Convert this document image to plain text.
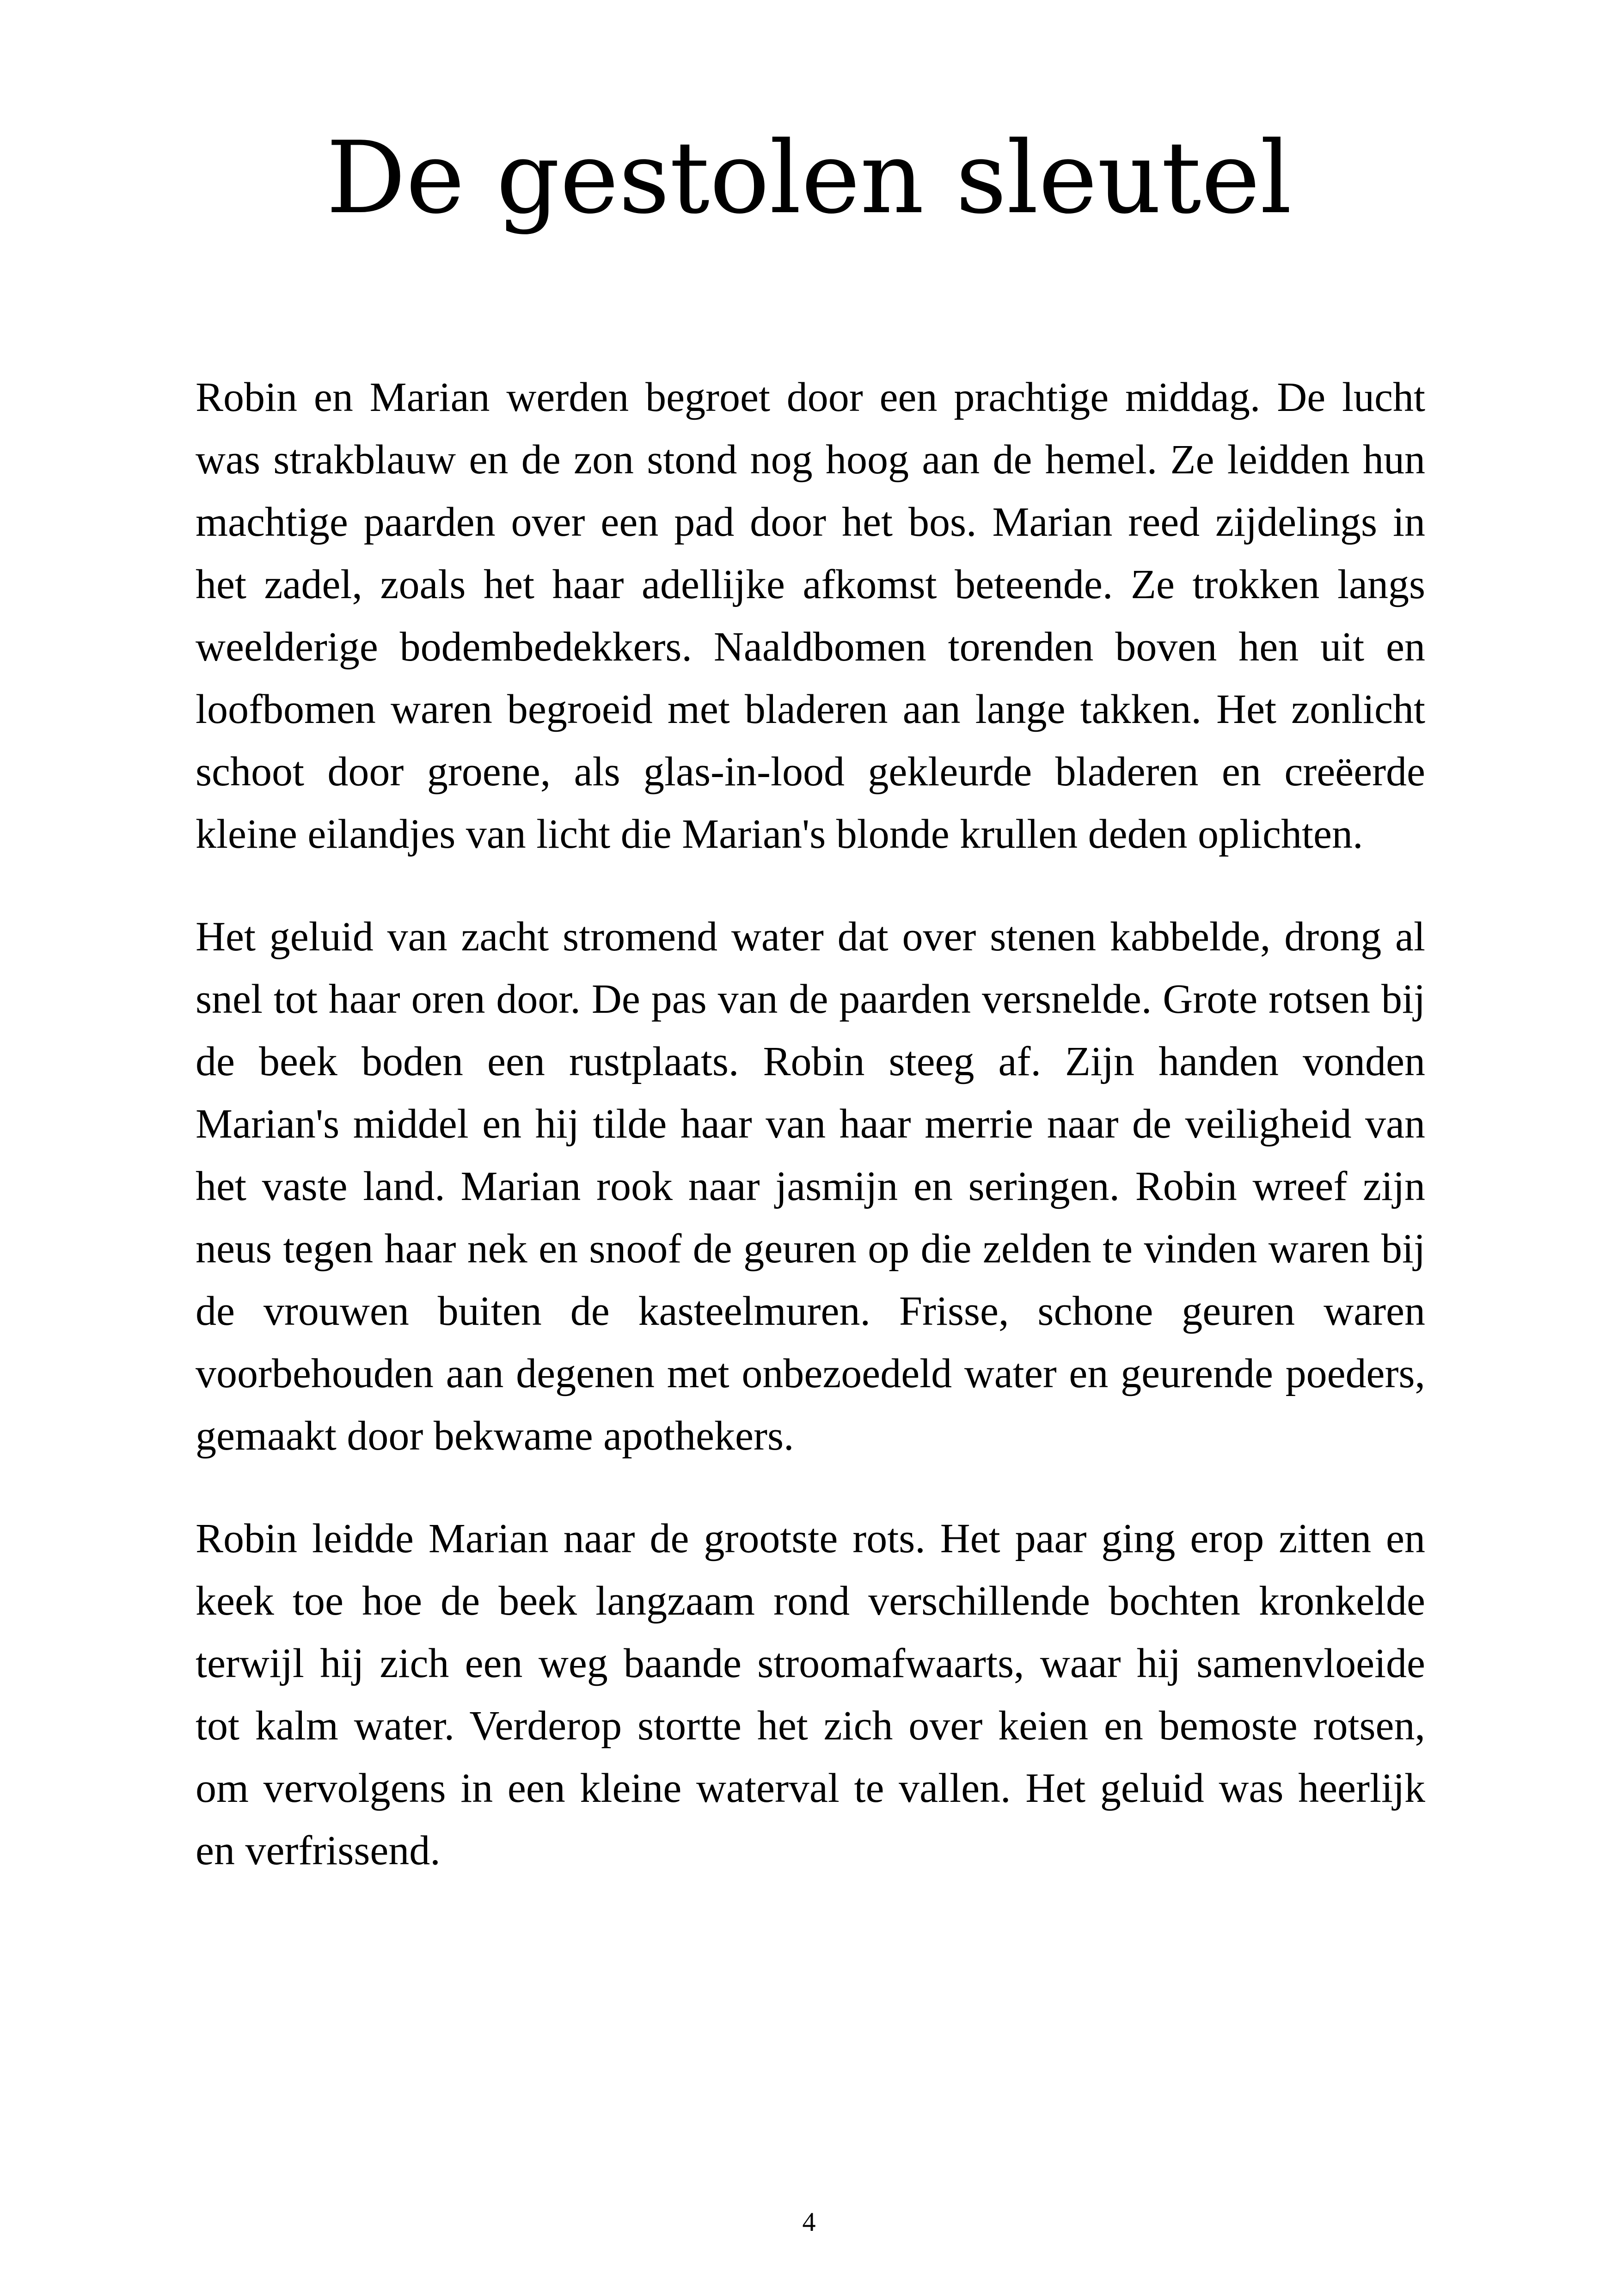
De gestolen sleutel

Robin en Marian werden begroet door een prachtige middag. De lucht was strakblauw en de zon stond nog hoog aan de hemel. Ze leidden hun machtige paarden over een pad door het bos. Marian reed zijdelings in het zadel, zoals het haar adellijke afkomst beteende. Ze trokken langs weelderige bodembedekkers. Naaldbomen torenden boven hen uit en loofbomen waren begroeid met bladeren aan lange takken. Het zonlicht schoot door groene, als glas-in-lood gekleurde bladeren en creëerde kleine eilandjes van licht die Marian's blonde krullen deden oplichten.

Het geluid van zacht stromend water dat over stenen kabbelde, drong al snel tot haar oren door. De pas van de paarden versnelde. Grote rotsen bij de beek boden een rustplaats. Robin steeg af. Zijn handen vonden Marian's middel en hij tilde haar van haar merrie naar de veiligheid van het vaste land. Marian rook naar jasmijn en seringen. Robin wreef zijn neus tegen haar nek en snoof de geuren op die zelden te vinden waren bij de vrouwen buiten de kasteelmuren. Frisse, schone geuren waren voorbehouden aan degenen met onbezoedeld water en geurende poeders, gemaakt door bekwame apothekers.

Robin leidde Marian naar de grootste rots. Het paar ging erop zitten en keek toe hoe de beek langzaam rond verschillende bochten kronkelde terwijl hij zich een weg baande stroomafwaarts, waar hij samenvloeide tot kalm water. Verderop stortte het zich over keien en bemoste rotsen, om vervolgens in een kleine waterval te vallen. Het geluid was heerlijk en verfrissend.

4
